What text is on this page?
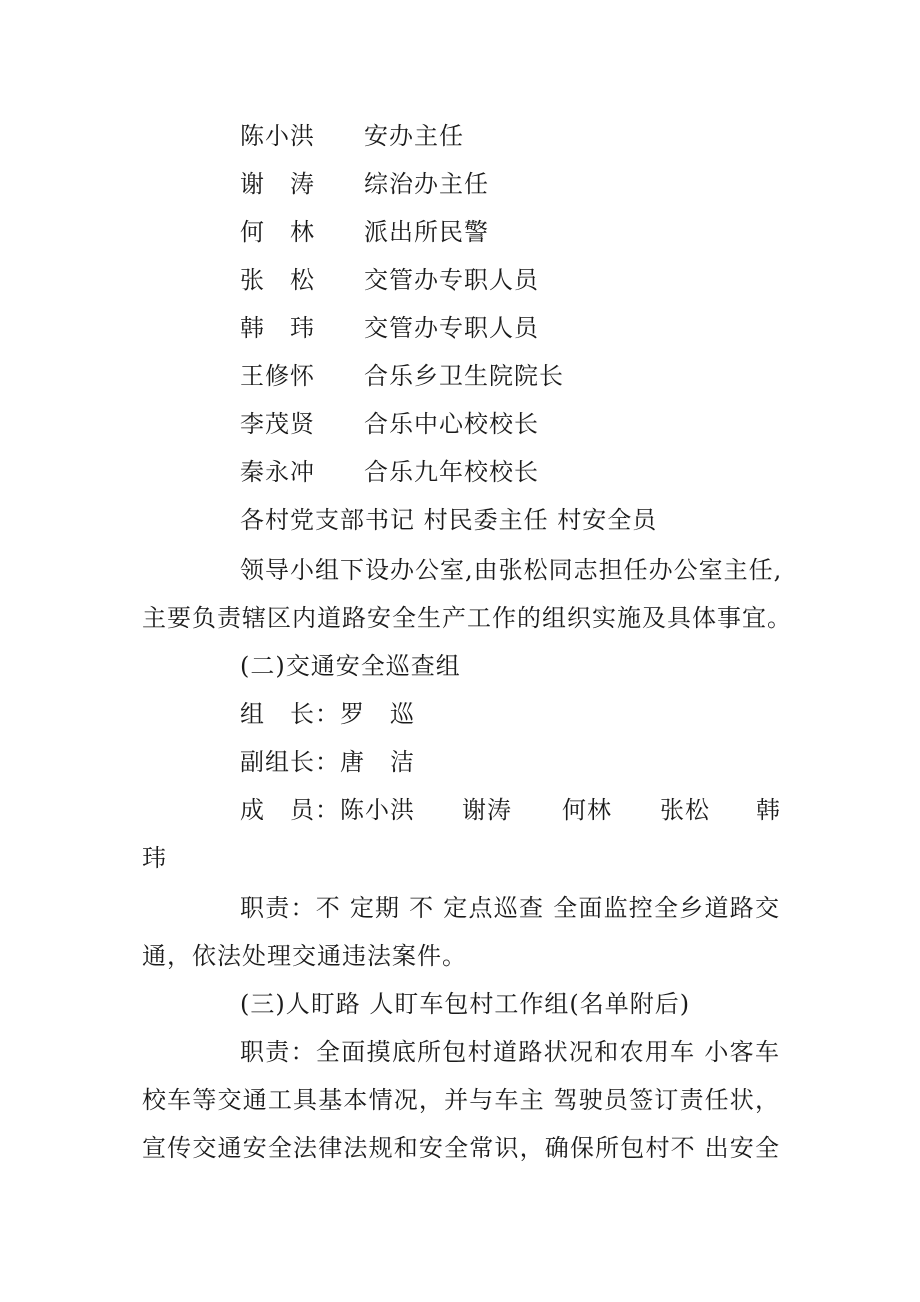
陈小洪 安办主任
谢　涛 综治办主任
何　林 派出所民警
张　松 交管办专职人员
韩　玮 交管办专职人员
王修怀 合乐乡卫生院院长
李茂贤 合乐中心校校长
秦永冲 合乐九年校校长
各村党支部书记 村民委主任 村安全员
领导小组下设办公室,由张松同志担任办公室主任,
主要负责辖区内道路安全生产工作的组织实施及具体事宜。
(二)交通安全巡查组
组　长：罗　巡
副组长：唐　洁
成　员：陈小洪 谢涛 何林 张松 韩
玮
职责：不 定期 不 定点巡查 全面监控全乡道路交
通，依法处理交通违法案件。
(三)人盯路 人盯车包村工作组(名单附后)
职责：全面摸底所包村道路状况和农用车 小客车
校车等交通工具基本情况，并与车主 驾驶员签订责任状，
宣传交通安全法律法规和安全常识，确保所包村不 出安全
